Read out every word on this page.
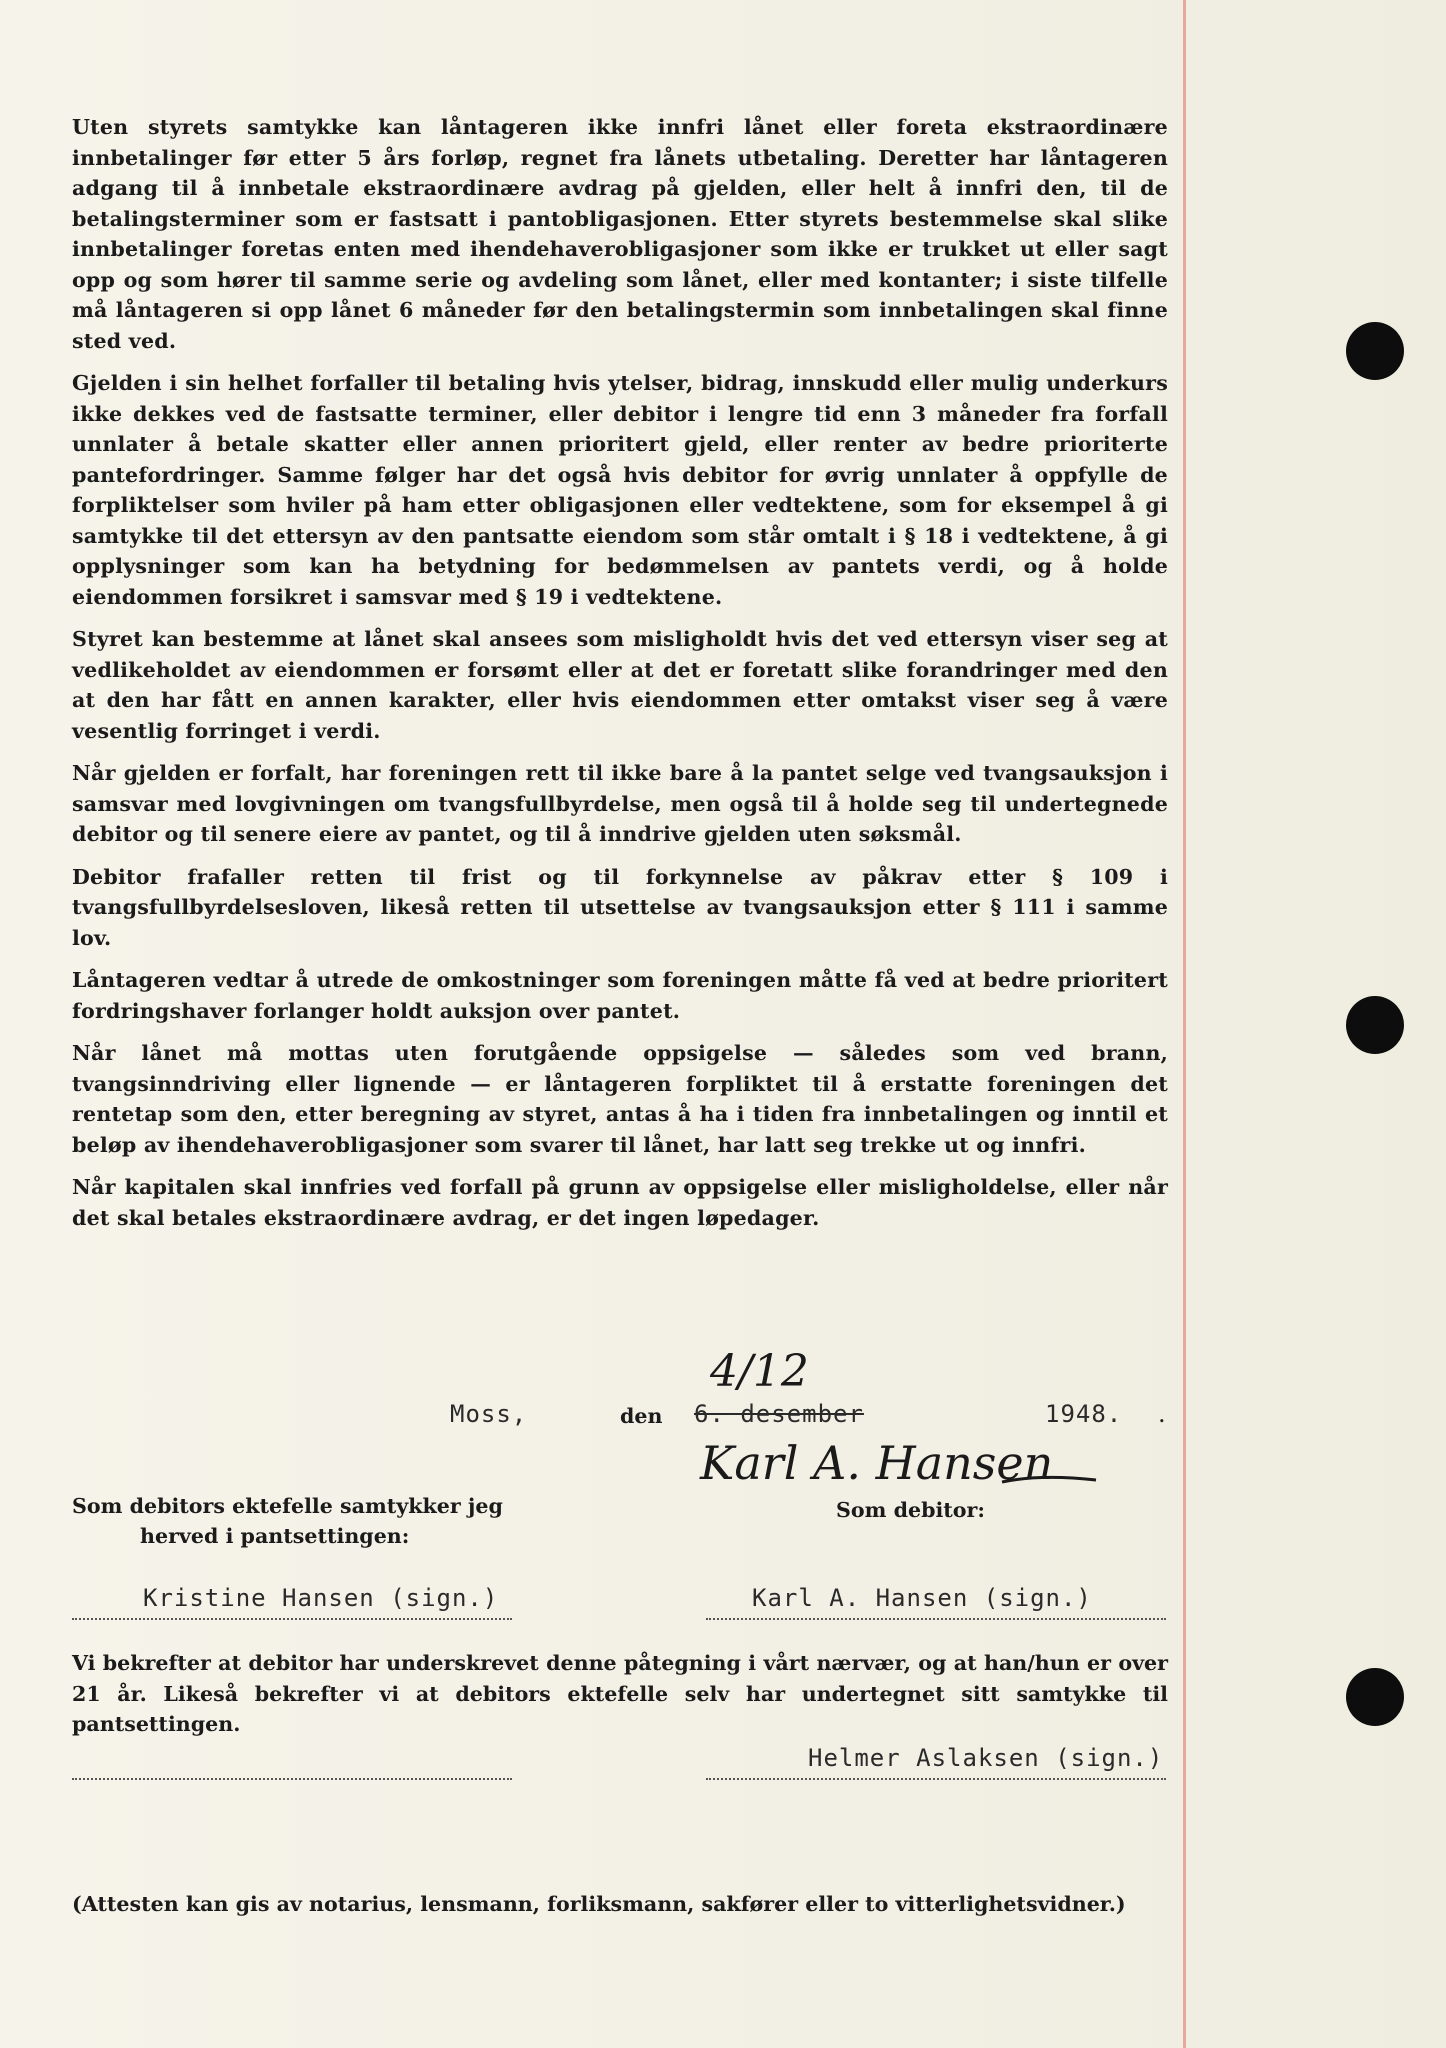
Uten styrets samtykke kan låntageren ikke innfri lånet eller foreta ekstraordinære innbetalinger før etter 5 års forløp, regnet fra lånets utbetaling. Deretter har låntageren adgang til å innbetale ekstraordinære avdrag på gjelden, eller helt å innfri den, til de betalingsterminer som er fastsatt i pantobligasjonen. Etter styrets bestemmelse skal slike innbetalinger foretas enten med ihendehaverobligasjoner som ikke er trukket ut eller sagt opp og som hører til samme serie og avdeling som lånet, eller med kontanter; i siste tilfelle må låntageren si opp lånet 6 måneder før den betalingstermin som innbetalingen skal finne sted ved.

Gjelden i sin helhet forfaller til betaling hvis ytelser, bidrag, innskudd eller mulig underkurs ikke dekkes ved de fastsatte terminer, eller debitor i lengre tid enn 3 måneder fra forfall unnlater å betale skatter eller annen prioritert gjeld, eller renter av bedre prioriterte pantefordringer. Samme følger har det også hvis debitor for øvrig unnlater å oppfylle de forpliktelser som hviler på ham etter obligasjonen eller vedtektene, som for eksempel å gi samtykke til det ettersyn av den pantsatte eiendom som står omtalt i § 18 i vedtektene, å gi opplysninger som kan ha betydning for bedømmelsen av pantets verdi, og å holde eiendommen forsikret i samsvar med § 19 i vedtektene.

Styret kan bestemme at lånet skal ansees som misligholdt hvis det ved ettersyn viser seg at vedlikeholdet av eiendommen er forsømt eller at det er foretatt slike forandringer med den at den har fått en annen karakter, eller hvis eiendommen etter omtakst viser seg å være vesentlig forringet i verdi.

Når gjelden er forfalt, har foreningen rett til ikke bare å la pantet selge ved tvangsauksjon i samsvar med lovgivningen om tvangsfullbyrdelse, men også til å holde seg til undertegnede debitor og til senere eiere av pantet, og til å inndrive gjelden uten søksmål.

Debitor frafaller retten til frist og til forkynnelse av påkrav etter § 109 i tvangsfullbyrdelsesloven, likeså retten til utsettelse av tvangsauksjon etter § 111 i samme lov.

Låntageren vedtar å utrede de omkostninger som foreningen måtte få ved at bedre prioritert fordringshaver forlanger holdt auksjon over pantet.

Når lånet må mottas uten forutgående oppsigelse — således som ved brann, tvangsinndriving eller lignende — er låntageren forpliktet til å erstatte foreningen det rentetap som den, etter beregning av styret, antas å ha i tiden fra innbetalingen og inntil et beløp av ihendehaverobligasjoner som svarer til lånet, har latt seg trekke ut og innfri.

Når kapitalen skal innfries ved forfall på grunn av oppsigelse eller misligholdelse, eller når det skal betales ekstraordinære avdrag, er det ingen løpedager.

Moss,	den
4/12
6. desember	1948. .
Karl A. Hansen
Som debitors ektefelle samtykker jeg
herved i pantsettingen:
Som debitor:
Kristine Hansen (sign.)	Karl A. Hansen (sign.)
Vi bekrefter at debitor har underskrevet denne påtegning i vårt nærvær, og at han/hun er over 21 år. Likeså bekrefter vi at debitors ektefelle selv har undertegnet sitt samtykke til pantsettingen.
Helmer Aslaksen (sign.)
(Attesten kan gis av notarius, lensmann, forliksmann, sakfører eller to vitterlighetsvidner.)
